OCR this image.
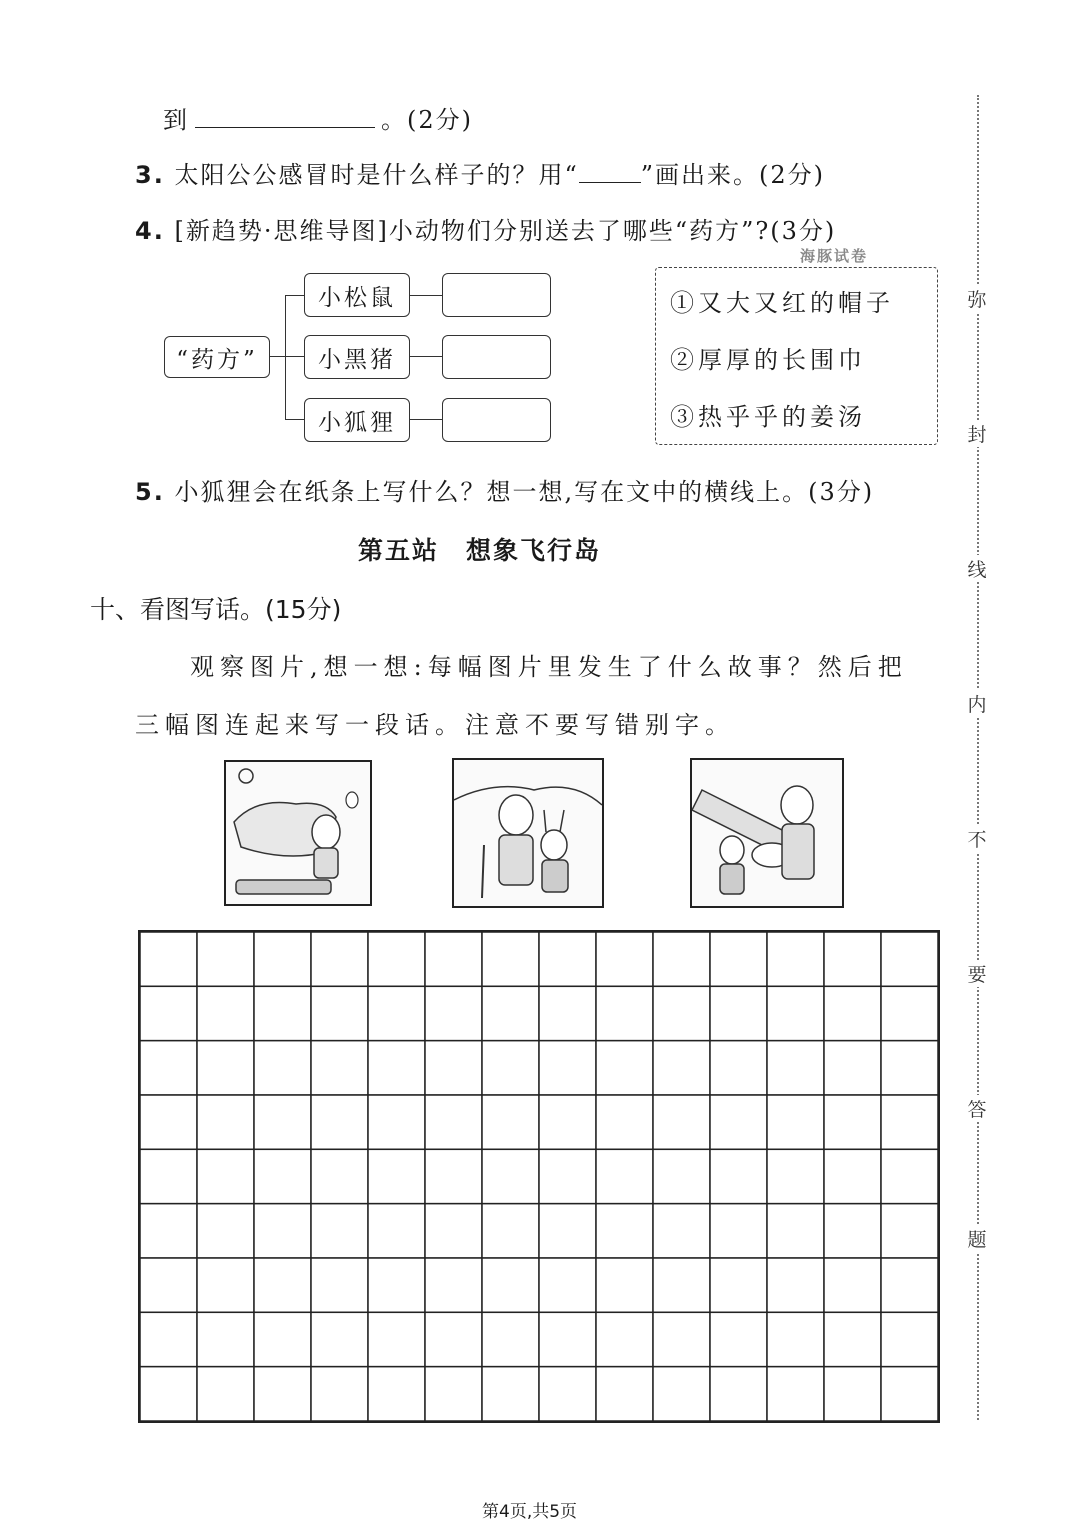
到	。(2分)
3. 太阳公公感冒时是什么样子的？用“	”画出来。(2分)
4. [新趋势·思维导图]小动物们分别送去了哪些“药方”?(3分)
海豚试卷
“药方”
小松鼠
小黑猪
小狐狸
①又大又红的帽子
②厚厚的长围巾
③热乎乎的姜汤
5. 小狐狸会在纸条上写什么？想一想,写在文中的横线上。(3分)
第五站　想象飞行岛
十、看图写话。(15分)
观察图片,想一想:每幅图片里发生了什么故事？然后把
三幅图连起来写一段话。注意不要写错别字。
弥
封
线
内
不
要
答
题
第4页,共5页
